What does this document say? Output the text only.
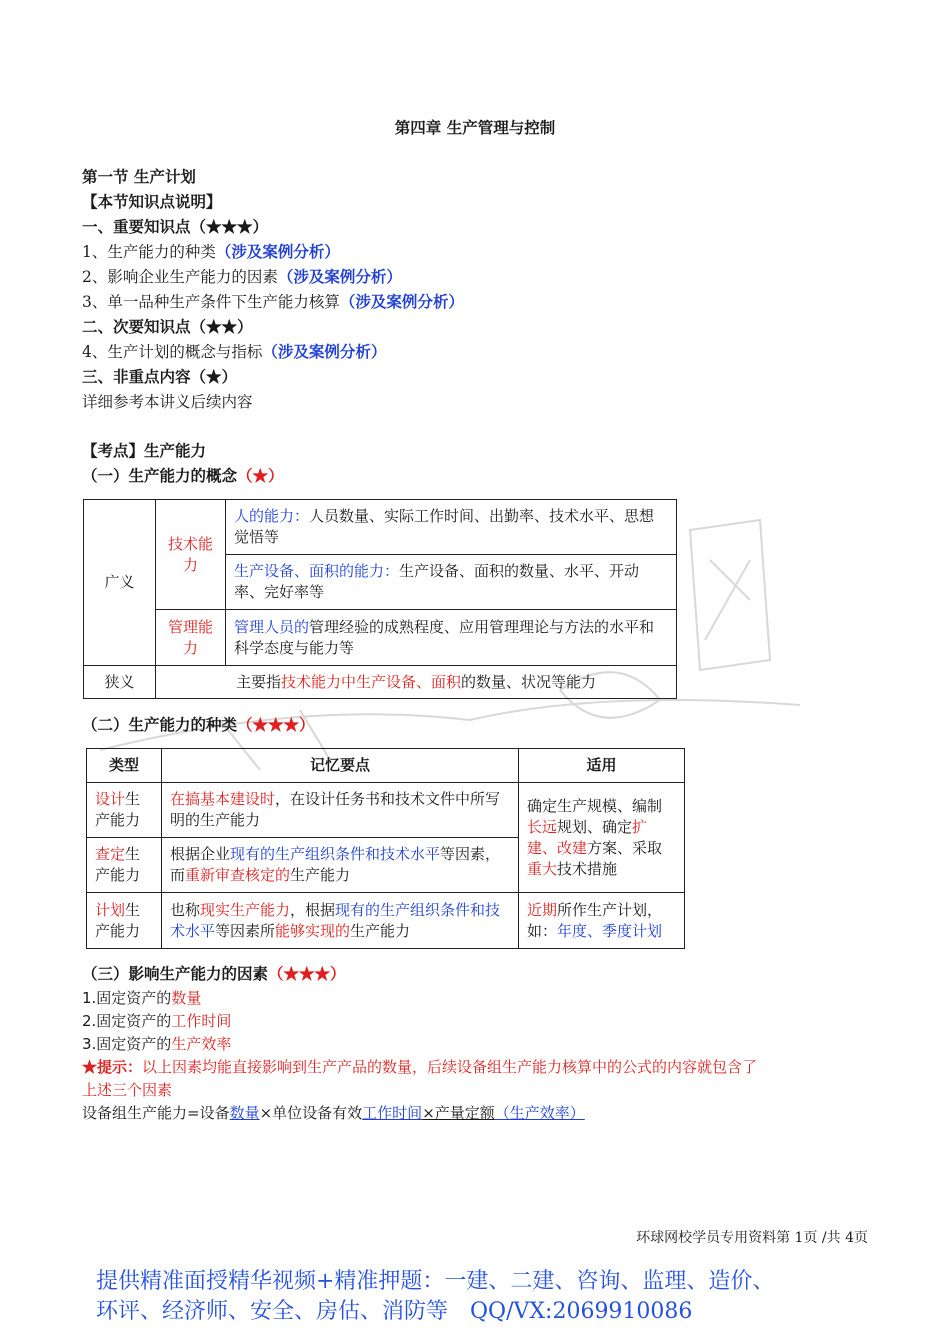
第四章 生产管理与控制
第一节 生产计划
【本节知识点说明】
一、重要知识点（★★★）
1、生产能力的种类（涉及案例分析）
2、影响企业生产能力的因素（涉及案例分析）
3、单一品种生产条件下生产能力核算（涉及案例分析）
二、次要知识点（★★）
4、生产计划的概念与指标（涉及案例分析）
三、非重点内容（★）
详细参考本讲义后续内容
【考点】生产能力
（一）生产能力的概念（★）
广义	技术能力	人的能力：人员数量、实际工作时间、出勤率、技术水平、思想觉悟等
		生产设备、面积的能力：生产设备、面积的数量、水平、开动率、完好率等
	管理能力	管理人员的管理经验的成熟程度、应用管理理论与方法的水平和科学态度与能力等
狭义	主要指技术能力中生产设备、面积的数量、状况等能力	
（二）生产能力的种类（★★★）
类型	记忆要点	适用
设计生产能力	在搞基本建设时，在设计任务书和技术文件中所写明的生产能力	确定生产规模、编制长远规划、确定扩建、改建方案、采取重大技术措施
查定生产能力	根据企业现有的生产组织条件和技术水平等因素，而重新审查核定的生产能力	
计划生产能力	也称现实生产能力，根据现有的生产组织条件和技术水平等因素所能够实现的生产能力	近期所作生产计划，如：年度、季度计划
（三）影响生产能力的因素（★★★）
1.固定资产的数量
2.固定资产的工作时间
3.固定资产的生产效率
★提示：以上因素均能直接影响到生产产品的数量，后续设备组生产能力核算中的公式的内容就包含了
上述三个因素
设备组生产能力=设备数量×单位设备有效工作时间×产量定额（生产效率）
环球网校学员专用资料第 1页 /共 4页
提供精准面授精华视频+精准押题：一建、二建、咨询、监理、造价、
环评、经济师、安全、房估、消防等　QQ/VX:2069910086
